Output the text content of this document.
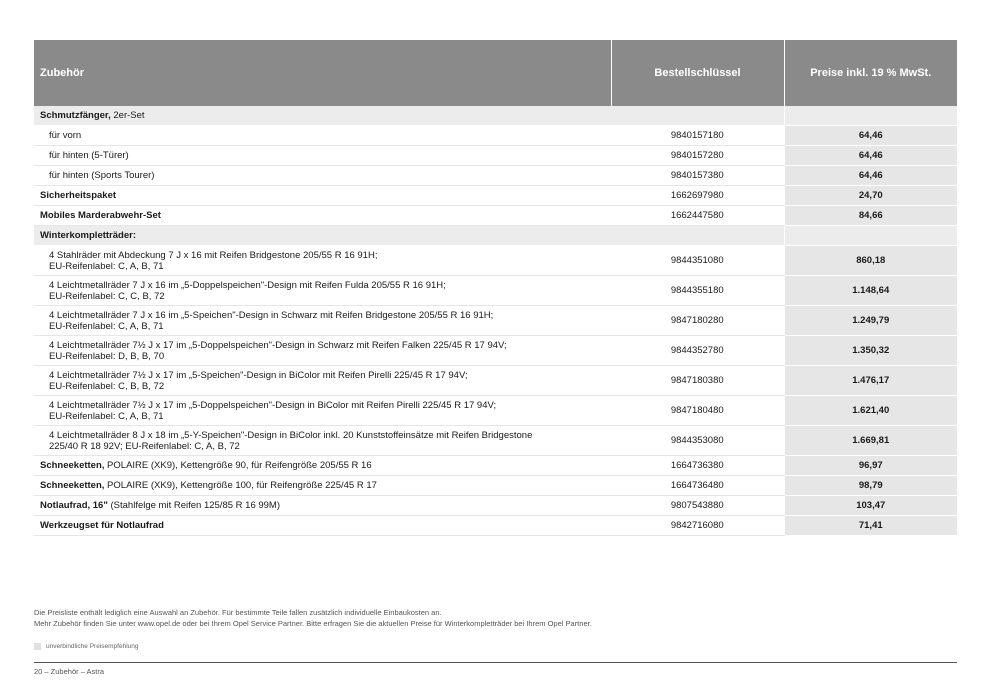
Zubehör	Bestellschlüssel	Preise inkl. 19 % MwSt.
Schmutzfänger, 2er-Set		
für vorn	9840157180	64,46
für hinten (5-Türer)	9840157280	64,46
für hinten (Sports Tourer)	9840157380	64,46
Sicherheitspaket	1662697980	24,70
Mobiles Marderabwehr-Set	1662447580	84,66
Winterkompletträder:		
4 Stahlräder mit Abdeckung 7 J x 16 mit Reifen Bridgestone 205/55 R 16 91H;
EU-Reifenlabel: C, A, B, 71	9844351080	860,18
4 Leichtmetallräder 7 J x 16 im „5-Doppelspeichen"-Design mit Reifen Fulda 205/55 R 16 91H;
EU-Reifenlabel: C, C, B, 72	9844355180	1.148,64
4 Leichtmetallräder 7 J x 16 im „5-Speichen"-Design in Schwarz mit Reifen Bridgestone 205/55 R 16 91H;
EU-Reifenlabel: C, A, B, 71	9847180280	1.249,79
4 Leichtmetallräder 7½ J x 17 im „5-Doppelspeichen"-Design in Schwarz mit Reifen Falken 225/45 R 17 94V;
EU-Reifenlabel: D, B, B, 70	9844352780	1.350,32
4 Leichtmetallräder 7½ J x 17 im „5-Speichen"-Design in BiColor mit Reifen Pirelli 225/45 R 17 94V;
EU-Reifenlabel: C, B, B, 72	9847180380	1.476,17
4 Leichtmetallräder 7½ J x 17 im „5-Doppelspeichen"-Design in BiColor mit Reifen Pirelli 225/45 R 17 94V;
EU-Reifenlabel: C, A, B, 71	9847180480	1.621,40
4 Leichtmetallräder 8 J x 18 im „5-Y-Speichen"-Design in BiColor inkl. 20 Kunststoffeinsätze mit Reifen Bridgestone
225/40 R 18 92V; EU-Reifenlabel: C, A, B, 72	9844353080	1.669,81
Schneeketten, POLAIRE (XK9), Kettengröße 90, für Reifengröße 205/55 R 16	1664736380	96,97
Schneeketten, POLAIRE (XK9), Kettengröße 100, für Reifengröße 225/45 R 17	1664736480	98,79
Notlaufrad, 16" (Stahlfelge mit Reifen 125/85 R 16 99M)	9807543880	103,47
Werkzeugset für Notlaufrad	9842716080	71,41
Die Preisliste enthält lediglich eine Auswahl an Zubehör. Für bestimmte Teile fallen zusätzlich individuelle Einbaukosten an.
Mehr Zubehör finden Sie unter www.opel.de oder bei Ihrem Opel Service Partner. Bitte erfragen Sie die aktuellen Preise für Winterkompletträder bei Ihrem Opel Partner.
unverbindliche Preisempfehlung
20 – Zubehör – Astra
